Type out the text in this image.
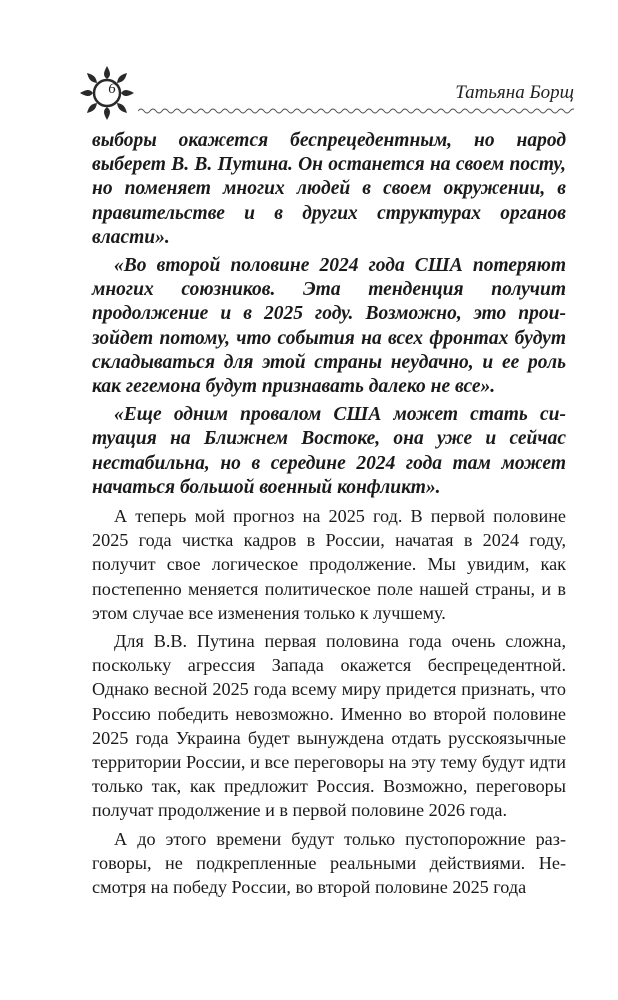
6	Татьяна Борщ

выборы окажется беспрецедентным, но народ выберет В. В. Путина. Он останется на своем посту, но поменяет многих людей в своем окружении, в правительстве и в других структурах органов власти».

«Во второй половине 2024 года США потеряют многих союзников. Эта тенденция получит продолжение и в 2025 году. Возможно, это произойдет потому, что события на всех фронтах будут складываться для этой страны неудачно, и ее роль как гегемона будут признавать далеко не все».

«Еще одним провалом США может стать ситуация на Ближнем Востоке, она уже и сейчас нестабильна, но в середине 2024 года там может начаться большой военный конфликт».

А теперь мой прогноз на 2025 год. В первой половине 2025 года чистка кадров в России, начатая в 2024 году, получит свое логическое продолжение. Мы увидим, как постепенно меняется политическое поле нашей страны, и в этом случае все изменения только к лучшему.

Для В.В. Путина первая половина года очень сложна, поскольку агрессия Запада окажется беспрецедентной. Однако весной 2025 года всему миру придется признать, что Россию победить невозможно. Именно во второй половине 2025 года Украина будет вынуждена отдать русскоязычные территории России, и все переговоры на эту тему будут идти только так, как предложит Россия. Возможно, переговоры получат продолжение и в первой половине 2026 года.

А до этого времени будут только пустопорожние разговоры, не подкрепленные реальными действиями. Несмотря на победу России, во второй половине 2025 года
